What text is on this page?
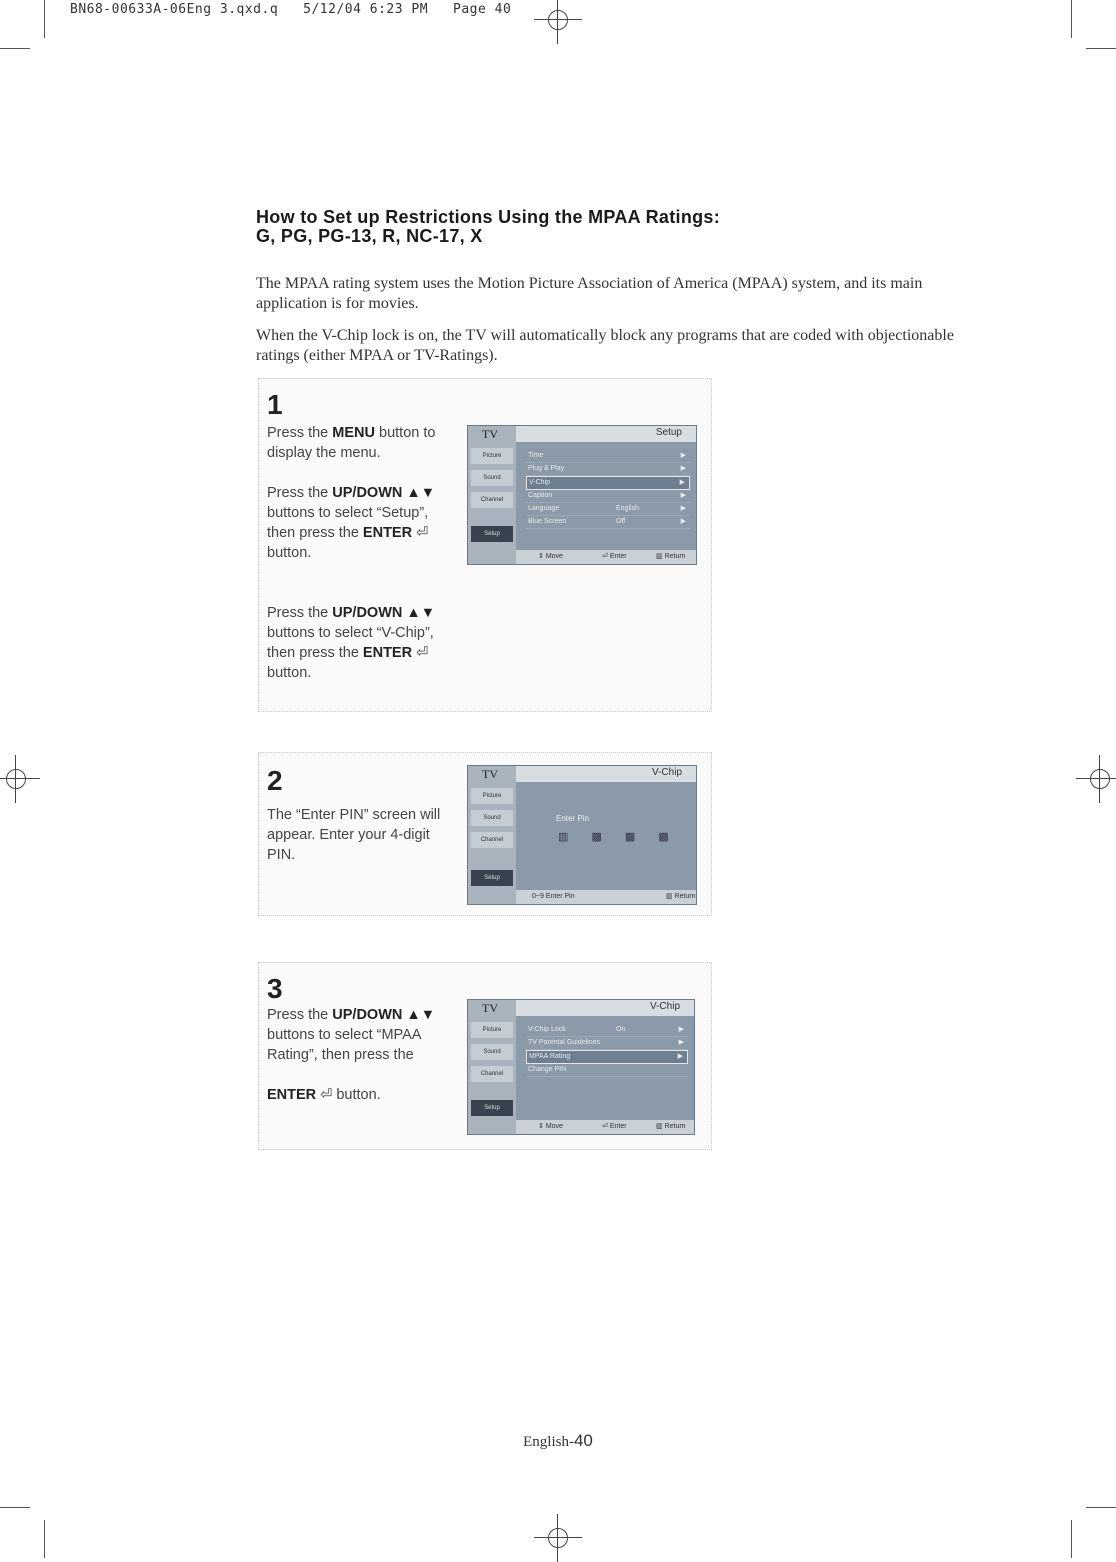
BN68-00633A-06Eng 3.qxd.q   5/12/04 6:23 PM   Page 40
How to Set up Restrictions Using the MPAA Ratings:
G, PG, PG-13, R, NC-17, X
The MPAA rating system uses the Motion Picture Association of America (MPAA) system, and its main application is for movies.
When the V-Chip lock is on, the TV will automatically block any programs that are coded with objectionable ratings (either MPAA or TV-Ratings).
1
Press the MENU button to display the menu.
Press the UP/DOWN ▲▼ buttons to select “Setup”, then press the ENTER ⏎ button.
Press the UP/DOWN ▲▼ buttons to select “V-Chip”, then press the ENTER ⏎ button.
TV
Picture
Sound
Channel
Setup
Setup
Time	▶
Plug & Play	▶
V-Chip	▶
Caption	▶
Language	English	▶
Blue Screen	Off	▶
⇕ Move	⏎ Enter	▥ Return
2
The “Enter PIN” screen will appear. Enter your 4-digit PIN.
TV
Picture
Sound
Channel
Setup
V-Chip
Enter Pin
▥ ▩ ▩ ▩
0~9 Enter Pin	▥ Return
3
Press the UP/DOWN ▲▼ buttons to select “MPAA Rating”, then press the
ENTER ⏎ button.
TV
Picture
Sound
Channel
Setup
V-Chip
V-Chip Lock	On	▶
TV Parental Guidelines	▶
MPAA Rating	▶
Change PIN
⇕ Move	⏎ Enter	▥ Return
English-40
